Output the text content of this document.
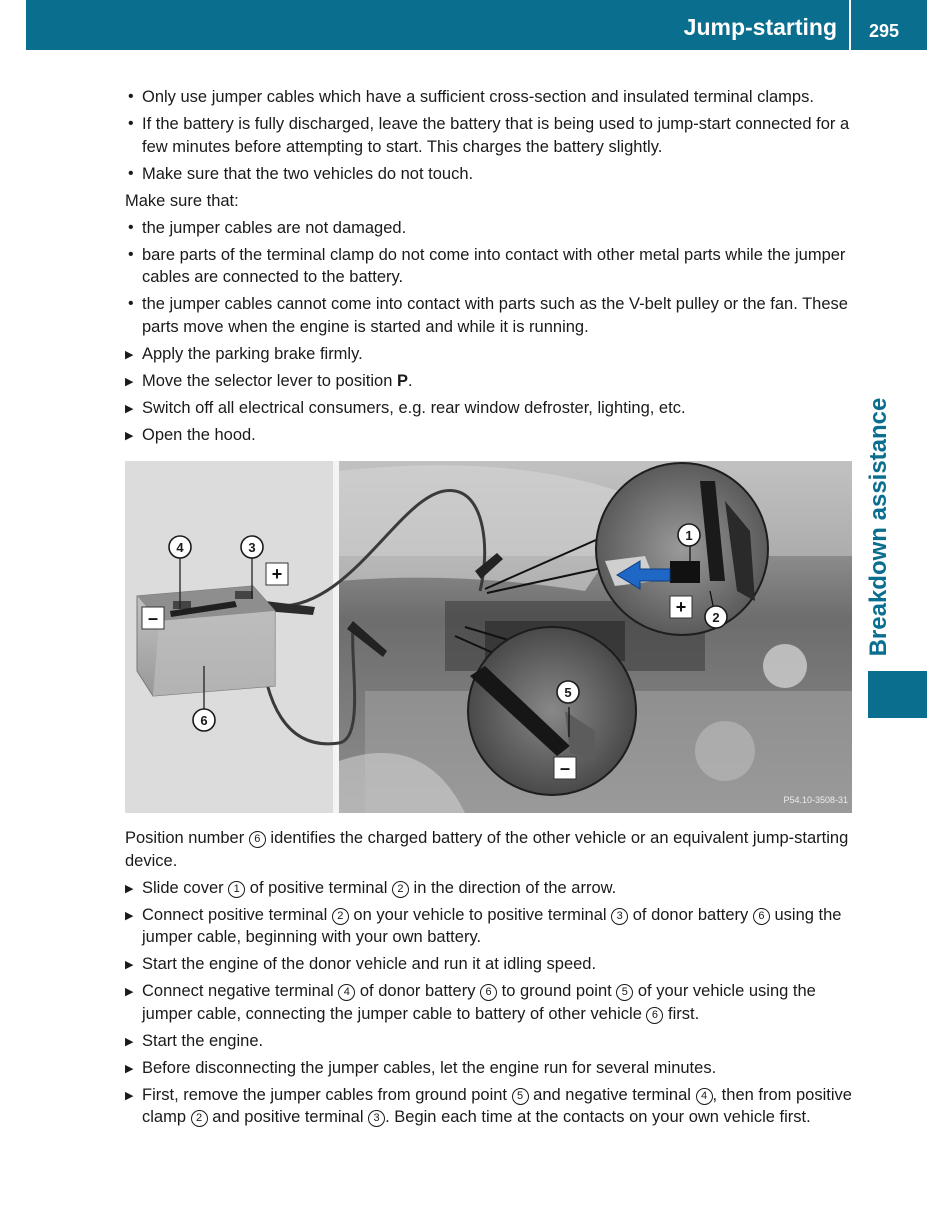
Jump-starting 295
Breakdown assistance
• Only use jumper cables which have a sufficient cross-section and insulated terminal clamps.
• If the battery is fully discharged, leave the battery that is being used to jump-start connected for a few minutes before attempting to start. This charges the battery slightly.
• Make sure that the two vehicles do not touch.
Make sure that:
• the jumper cables are not damaged.
• bare parts of the terminal clamp do not come into contact with other metal parts while the jumper cables are connected to the battery.
• the jumper cables cannot come into contact with parts such as the V-belt pulley or the fan. These parts move when the engine is started and while it is running.
▶ Apply the parking brake firmly.
▶ Move the selector lever to position P.
▶ Switch off all electrical consumers, e.g. rear window defroster, lighting, etc.
▶ Open the hood.
4	3
6
1
2
5
+
–
+
–
P54.10-3508-31
Position number 6 identifies the charged battery of the other vehicle or an equivalent jump-starting device.
▶ Slide cover 1 of positive terminal 2 in the direction of the arrow.
▶ Connect positive terminal 2 on your vehicle to positive terminal 3 of donor battery 6 using the jumper cable, beginning with your own battery.
▶ Start the engine of the donor vehicle and run it at idling speed.
▶ Connect negative terminal 4 of donor battery 6 to ground point 5 of your vehicle using the jumper cable, connecting the jumper cable to battery of other vehicle 6 first.
▶ Start the engine.
▶ Before disconnecting the jumper cables, let the engine run for several minutes.
▶ First, remove the jumper cables from ground point 5 and negative terminal 4 , then from positive clamp 2 and positive terminal 3 . Begin each time at the contacts on your own vehicle first.
